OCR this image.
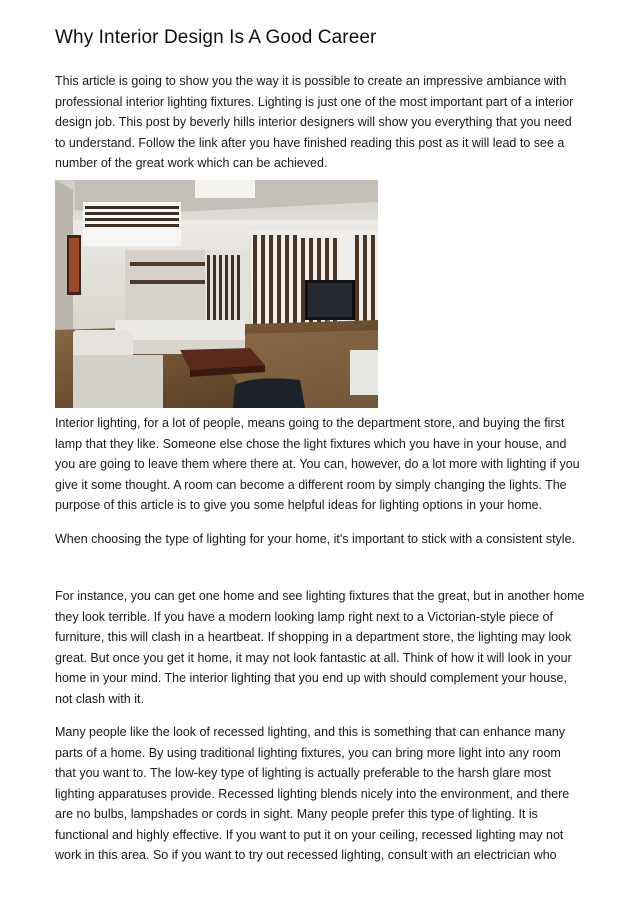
Why Interior Design Is A Good Career

This article is going to show you the way it is possible to create an impressive ambiance with professional interior lighting fixtures. Lighting is just one of the most important part of a interior design job. This post by beverly hills interior designers will show you everything that you need to understand. Follow the link after you have finished reading this post as it will lead to see a number of the great work which can be achieved.

Interior lighting, for a lot of people, means going to the department store, and buying the first lamp that they like. Someone else chose the light fixtures which you have in your house, and you are going to leave them where there at. You can, however, do a lot more with lighting if you give it some thought. A room can become a different room by simply changing the lights. The purpose of this article is to give you some helpful ideas for lighting options in your home.

When choosing the type of lighting for your home, it's important to stick with a consistent style.

For instance, you can get one home and see lighting fixtures that the great, but in another home they look terrible. If you have a modern looking lamp right next to a Victorian-style piece of furniture, this will clash in a heartbeat. If shopping in a department store, the lighting may look great. But once you get it home, it may not look fantastic at all. Think of how it will look in your home in your mind. The interior lighting that you end up with should complement your house, not clash with it.

Many people like the look of recessed lighting, and this is something that can enhance many parts of a home. By using traditional lighting fixtures, you can bring more light into any room that you want to. The low-key type of lighting is actually preferable to the harsh glare most lighting apparatuses provide. Recessed lighting blends nicely into the environment, and there are no bulbs, lampshades or cords in sight. Many people prefer this type of lighting. It is functional and highly effective. If you want to put it on your ceiling, recessed lighting may not work in this area. So if you want to try out recessed lighting, consult with an electrician who
